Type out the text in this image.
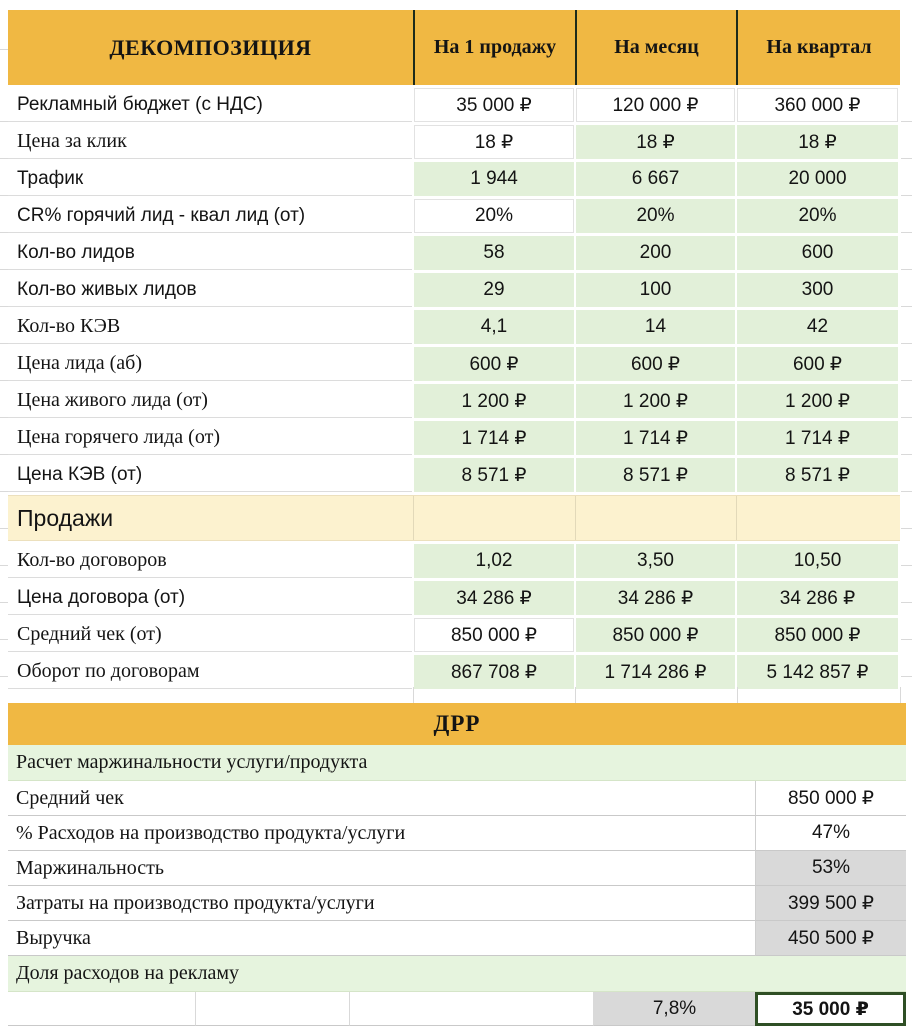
ДЕКОМПОЗИЦИЯ	На 1 продажу	На месяц	На квартал
Рекламный бюджет (с НДС)	35 000 ₽	120 000 ₽	360 000 ₽
Цена за клик	18 ₽	18 ₽	18 ₽
Трафик	1 944	6 667	20 000
CR% горячий лид - квал лид (от)	20%	20%	20%
Кол-во лидов	58	200	600
Кол-во живых лидов	29	100	300
Кол-во КЭВ	4,1	14	42
Цена лида (аб)	600 ₽	600 ₽	600 ₽
Цена живого лида (от)	1 200 ₽	1 200 ₽	1 200 ₽
Цена горячего лида (от)	1 714 ₽	1 714 ₽	1 714 ₽
Цена КЭВ (от)	8 571 ₽	8 571 ₽	8 571 ₽
Продажи
Кол-во договоров	1,02	3,50	10,50
Цена договора (от)	34 286 ₽	34 286 ₽	34 286 ₽
Средний чек (от)	850 000 ₽	850 000 ₽	850 000 ₽
Оборот по договорам	867 708 ₽	1 714 286 ₽	5 142 857 ₽
ДРР
Расчет маржинальности услуги/продукта
Средний чек	850 000 ₽
% Расходов на производство продукта/услуги	47%
Маржинальность	53%
Затраты на производство продукта/услуги	399 500 ₽
Выручка	450 500 ₽
Доля расходов на рекламу
7,8%	35 000 ₽
